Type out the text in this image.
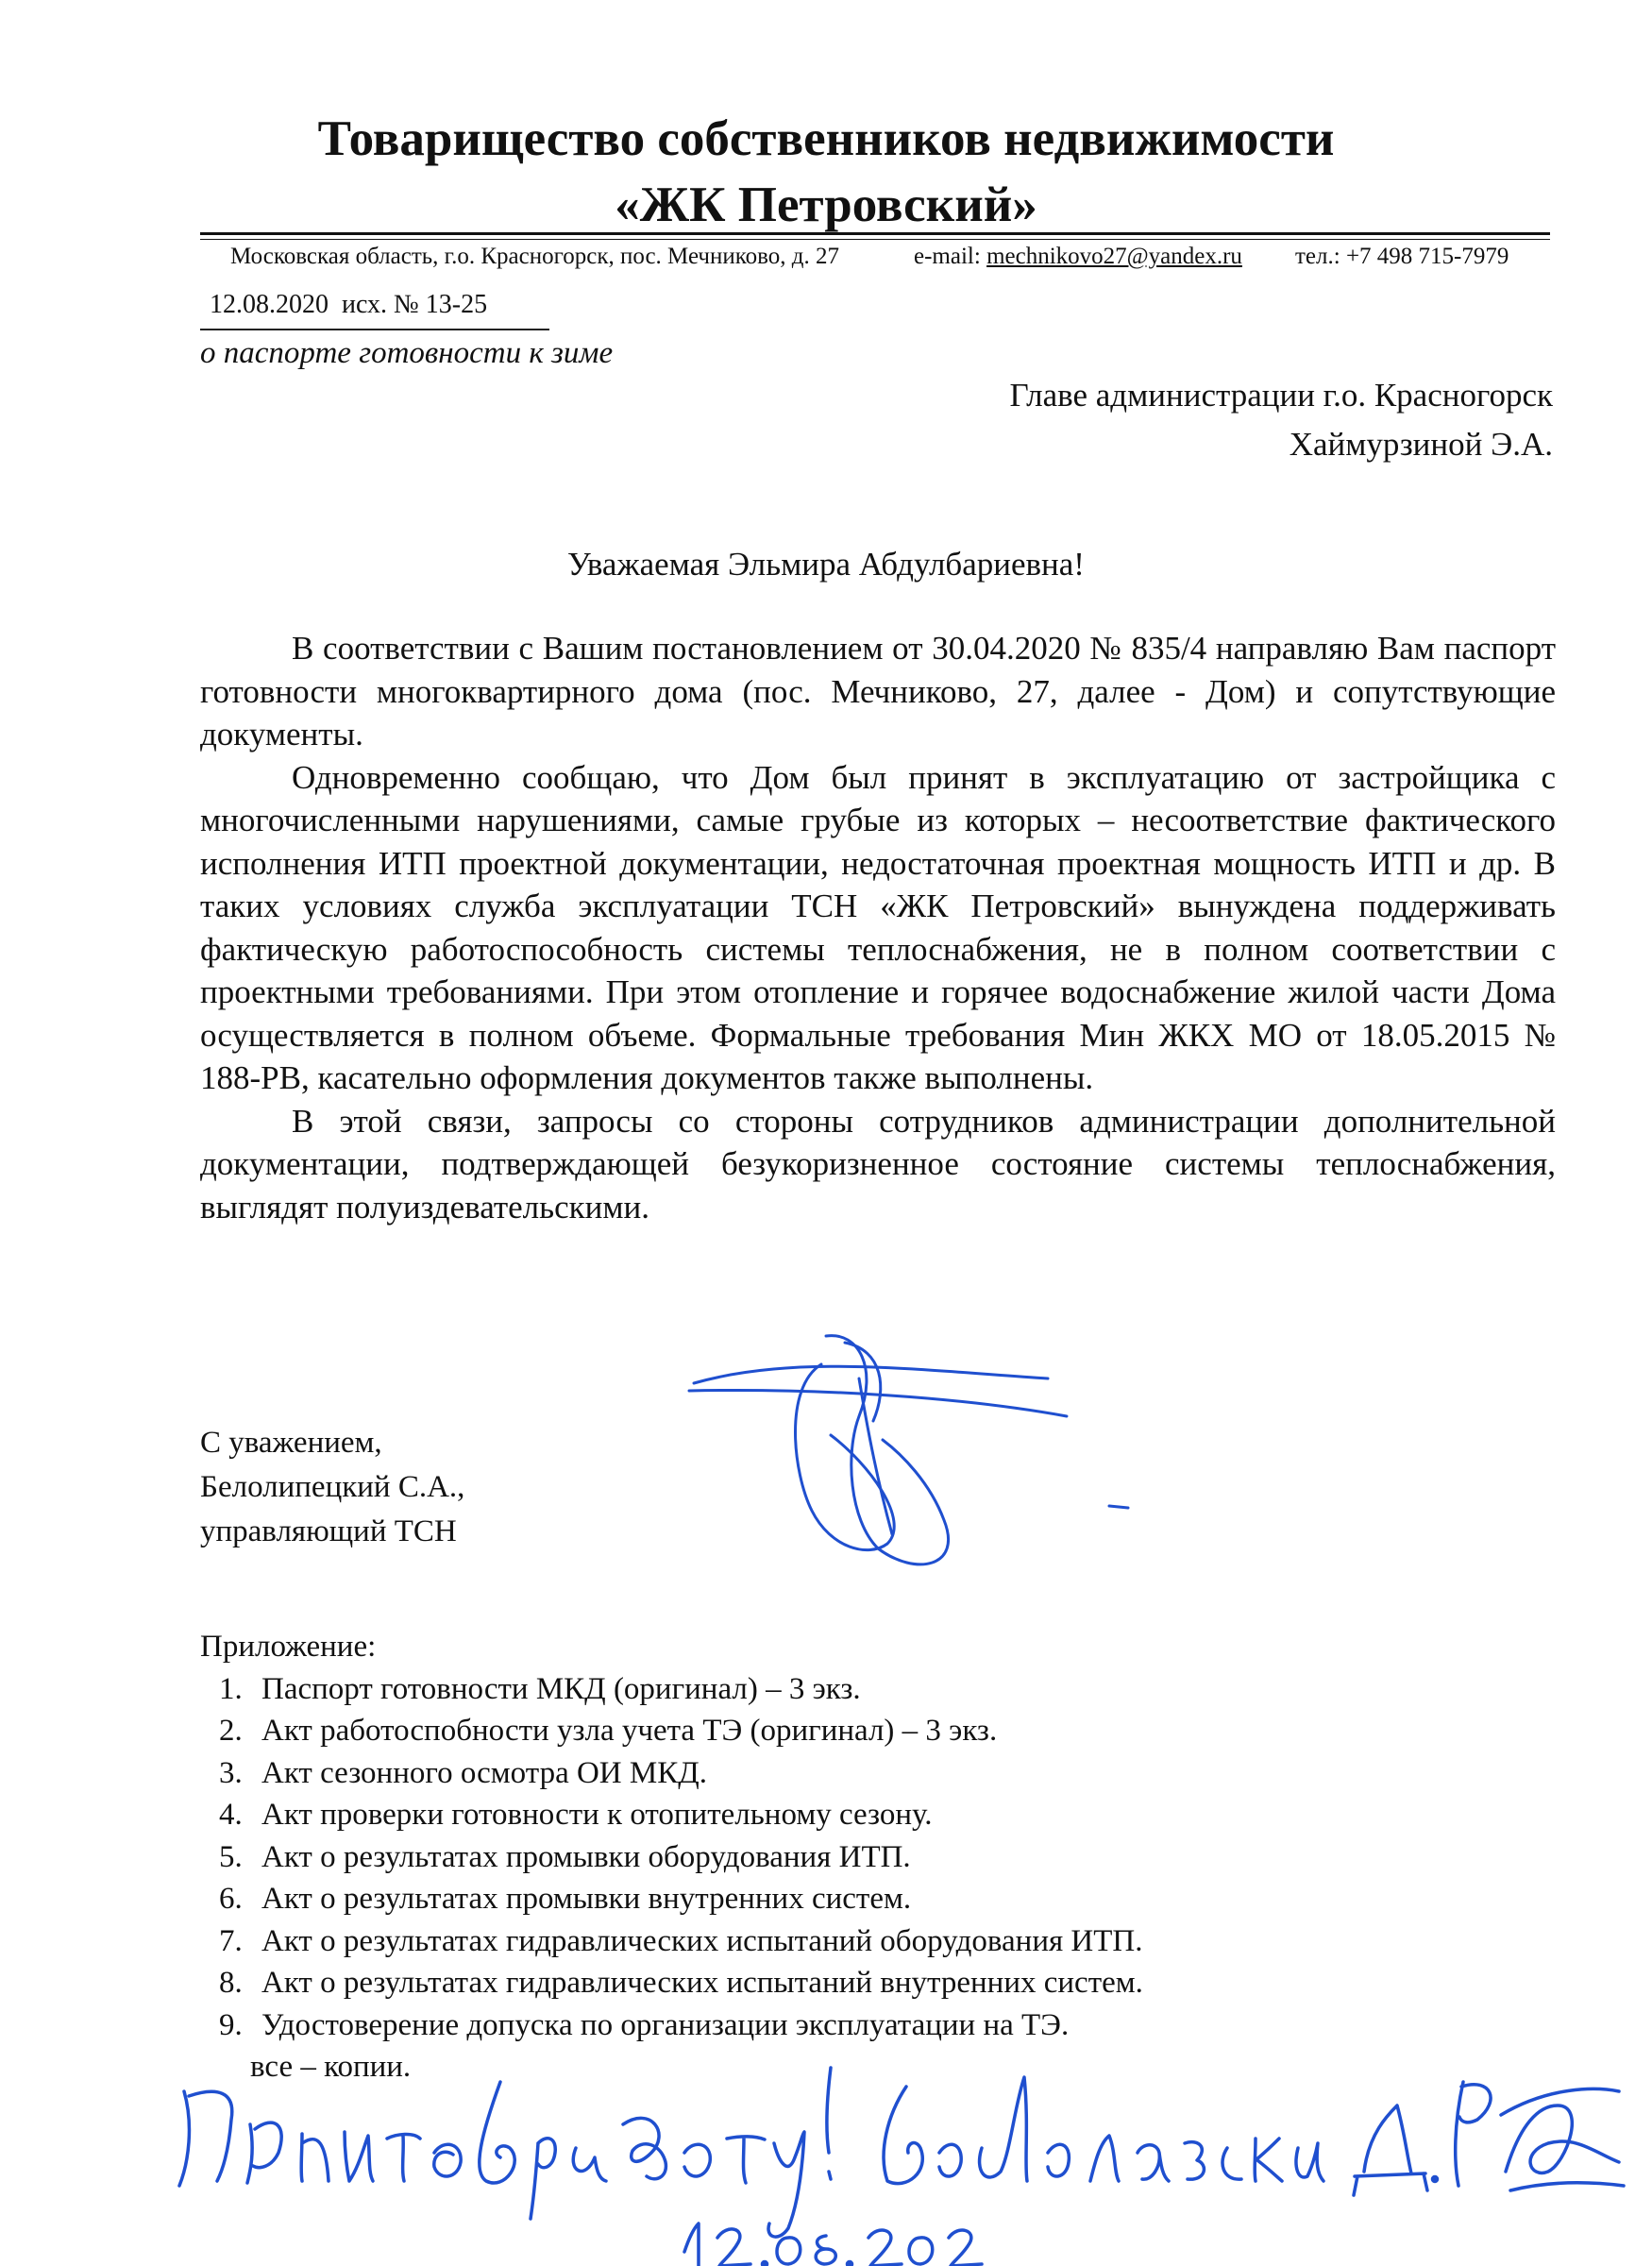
Товарищество собственников недвижимости
«ЖК Петровский»
Московская область, г.о. Красногорск, пос. Мечниково, д. 27	e-mail: mechnikovo27@yandex.ru тел.: +7 498 715-7979
12.08.2020 исх. № 13-25
о паспорте готовности к зиме
Главе администрации г.о. Красногорск
Хаймурзиной Э.А.
Уважаемая Эльмира Абдулбариевна!

В соответствии с Вашим постановлением от 30.04.2020 № 835/4 направляю Вам паспорт готовности многоквартирного дома (пос. Мечниково, 27, далее - Дом) и сопутствующие документы.

Одновременно сообщаю, что Дом был принят в эксплуатацию от застройщика с многочисленными нарушениями, самые грубые из которых – несоответствие фактического исполнения ИТП проектной документации, недостаточная проектная мощность ИТП и др. В таких условиях служба эксплуатации ТСН «ЖК Петровский» вынуждена поддерживать фактическую работоспособность системы теплоснабжения, не в полном соответствии с проектными требованиями. При этом отопление и горячее водоснабжение жилой части Дома осуществляется в полном объеме. Формальные требования Мин ЖКХ МО от 18.05.2015 № 188-РВ, касательно оформления документов также выполнены.

В этой связи, запросы со стороны сотрудников администрации дополнительной документации, подтверждающей безукоризненное состояние системы теплоснабжения, выглядят полуиздевательскими.

С уважением,
Белолипецкий С.А.,
управляющий ТСН
Приложение:
1. Паспорт готовности МКД (оригинал) – 3 экз.
2. Акт работоспобности узла учета ТЭ (оригинал) – 3 экз.
3. Акт сезонного осмотра ОИ МКД.
4. Акт проверки готовности к отопительному сезону.
5. Акт о результатах промывки оборудования ИТП.
6. Акт о результатах промывки внутренних систем.
7. Акт о результатах гидравлических испытаний оборудования ИТП.
8. Акт о результатах гидравлических испытаний внутренних систем.
9. Удостоверение допуска по организации эксплуатации на ТЭ.
все – копии.
